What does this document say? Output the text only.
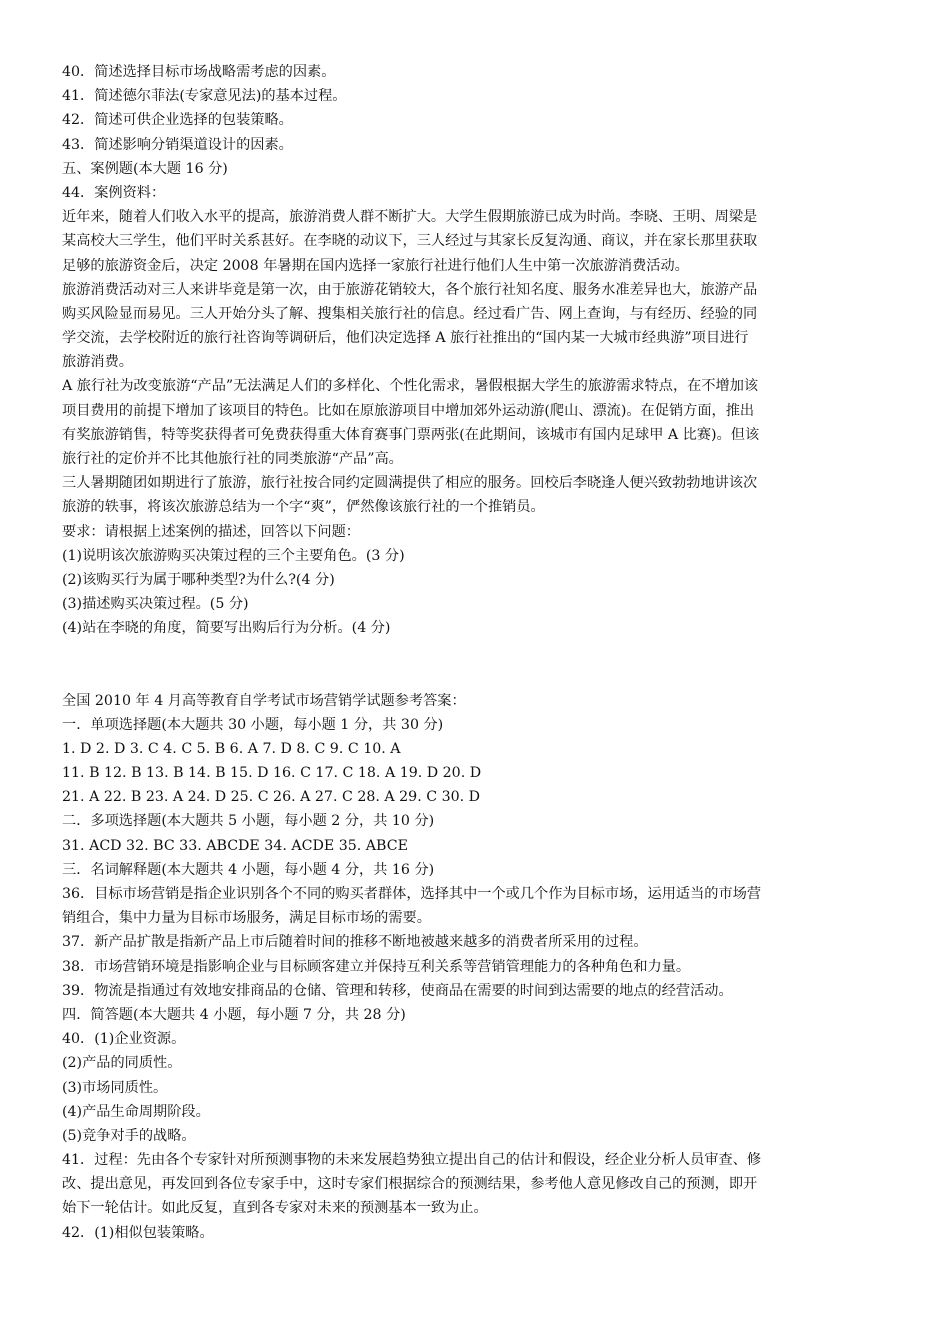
40．简述选择目标市场战略需考虑的因素。
41．简述德尔菲法(专家意见法)的基本过程。
42．简述可供企业选择的包装策略。
43．简述影响分销渠道设计的因素。
五、案例题(本大题 16 分)
44．案例资料：
近年来，随着人们收入水平的提高，旅游消费人群不断扩大。大学生假期旅游已成为时尚。李晓、王明、周梁是
某高校大三学生，他们平时关系甚好。在李晓的动议下，三人经过与其家长反复沟通、商议，并在家长那里获取
足够的旅游资金后，决定 2008 年暑期在国内选择一家旅行社进行他们人生中第一次旅游消费活动。
旅游消费活动对三人来讲毕竟是第一次，由于旅游花销较大，各个旅行社知名度、服务水准差异也大，旅游产品
购买风险显而易见。三人开始分头了解、搜集相关旅行社的信息。经过看广告、网上查询，与有经历、经验的同
学交流，去学校附近的旅行社咨询等调研后，他们决定选择 A 旅行社推出的“国内某一大城市经典游”项目进行
旅游消费。
A 旅行社为改变旅游“产品”无法满足人们的多样化、个性化需求，暑假根据大学生的旅游需求特点，在不增加该
项目费用的前提下增加了该项目的特色。比如在原旅游项目中增加郊外运动游(爬山、漂流)。在促销方面，推出
有奖旅游销售，特等奖获得者可免费获得重大体育赛事门票两张(在此期间，该城市有国内足球甲 A 比赛)。但该
旅行社的定价并不比其他旅行社的同类旅游“产品”高。
三人暑期随团如期进行了旅游，旅行社按合同约定圆满提供了相应的服务。回校后李晓逢人便兴致勃勃地讲该次
旅游的轶事，将该次旅游总结为一个字“爽”，俨然像该旅行社的一个推销员。
要求：请根据上述案例的描述，回答以下问题：
(1)说明该次旅游购买决策过程的三个主要角色。(3 分)
(2)该购买行为属于哪种类型?为什么?(4 分)
(3)描述购买决策过程。(5 分)
(4)站在李晓的角度，简要写出购后行为分析。(4 分)
全国 2010 年 4 月高等教育自学考试市场营销学试题参考答案：
一．单项选择题(本大题共 30 小题，每小题 1 分，共 30 分)
1. D 2. D 3. C 4. C 5. B 6. A 7. D 8. C 9. C 10. A
11. B 12. B 13. B 14. B 15. D 16. C 17. C 18. A 19. D 20. D
21. A 22. B 23. A 24. D 25. C 26. A 27. C 28. A 29. C 30. D
二．多项选择题(本大题共 5 小题，每小题 2 分，共 10 分)
31. ACD 32. BC 33. ABCDE 34. ACDE 35. ABCE
三．名词解释题(本大题共 4 小题，每小题 4 分，共 16 分)
36．目标市场营销是指企业识别各个不同的购买者群体，选择其中一个或几个作为目标市场，运用适当的市场营
销组合，集中力量为目标市场服务，满足目标市场的需要。
37．新产品扩散是指新产品上市后随着时间的推移不断地被越来越多的消费者所采用的过程。
38．市场营销环境是指影响企业与目标顾客建立并保持互利关系等营销管理能力的各种角色和力量。
39．物流是指通过有效地安排商品的仓储、管理和转移，使商品在需要的时间到达需要的地点的经营活动。
四．简答题(本大题共 4 小题，每小题 7 分，共 28 分)
40．(1)企业资源。
(2)产品的同质性。
(3)市场同质性。
(4)产品生命周期阶段。
(5)竞争对手的战略。
41．过程：先由各个专家针对所预测事物的未来发展趋势独立提出自己的估计和假设，经企业分析人员审查、修
改、提出意见，再发回到各位专家手中，这时专家们根据综合的预测结果，参考他人意见修改自己的预测，即开
始下一轮估计。如此反复，直到各专家对未来的预测基本一致为止。
42．(1)相似包装策略。
